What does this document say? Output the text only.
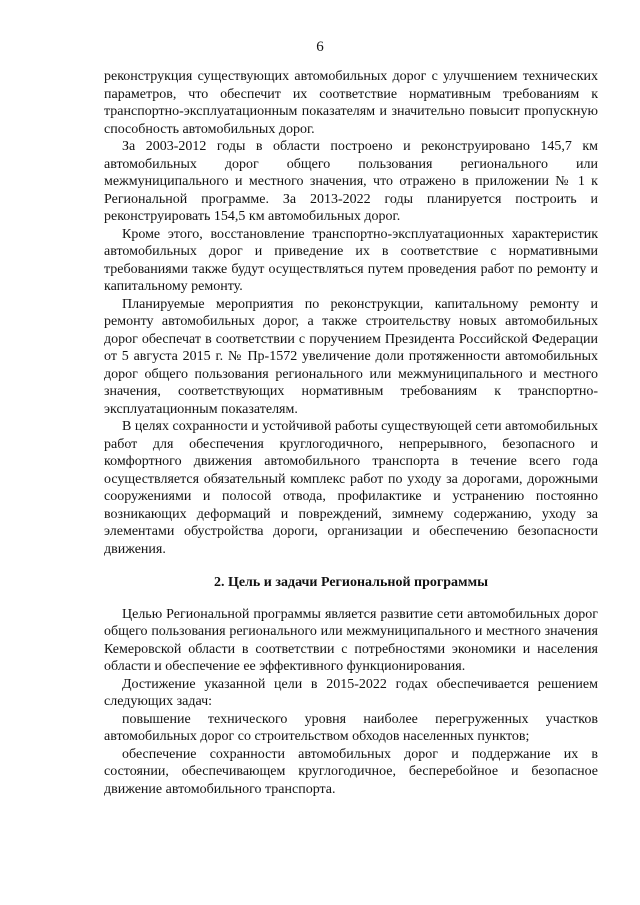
6

реконструкция существующих автомобильных дорог с улучшением технических параметров, что обеспечит их соответствие нормативным требованиям к транспортно-эксплуатационным показателям и значительно повысит пропускную способность автомобильных дорог.

За 2003-2012 годы в области построено и реконструировано 145,7 км автомобильных дорог общего пользования регионального или межмуниципального и местного значения, что отражено в приложении № 1 к Региональной программе. За 2013-2022 годы планируется построить и реконструировать 154,5 км автомобильных дорог.

Кроме этого, восстановление транспортно-эксплуатационных характеристик автомобильных дорог и приведение их в соответствие с нормативными требованиями также будут осуществляться путем проведения работ по ремонту и капитальному ремонту.

Планируемые мероприятия по реконструкции, капитальному ремонту и ремонту автомобильных дорог, а также строительству новых автомобильных дорог обеспечат в соответствии с поручением Президента Российской Федерации от 5 августа 2015 г. № Пр-1572 увеличение доли протяженности автомобильных дорог общего пользования регионального или межмуниципального и местного значения, соответствующих нормативным требованиям к транспортно-эксплуатационным показателям.

В целях сохранности и устойчивой работы существующей сети автомобильных работ для обеспечения круглогодичного, непрерывного, безопасного и комфортного движения автомобильного транспорта в течение всего года осуществляется обязательный комплекс работ по уходу за дорогами, дорожными сооружениями и полосой отвода, профилактике и устранению постоянно возникающих деформаций и повреждений, зимнему содержанию, уходу за элементами обустройства дороги, организации и обеспечению безопасности движения.

2. Цель и задачи Региональной программы

Целью Региональной программы является развитие сети автомобильных дорог общего пользования регионального или межмуниципального и местного значения Кемеровской области в соответствии с потребностями экономики и населения области и обеспечение ее эффективного функционирования.

Достижение указанной цели в 2015-2022 годах обеспечивается решением следующих задач:

повышение технического уровня наиболее перегруженных участков автомобильных дорог со строительством обходов населенных пунктов;

обеспечение сохранности автомобильных дорог и поддержание их в состоянии, обеспечивающем круглогодичное, бесперебойное и безопасное движение автомобильного транспорта.
